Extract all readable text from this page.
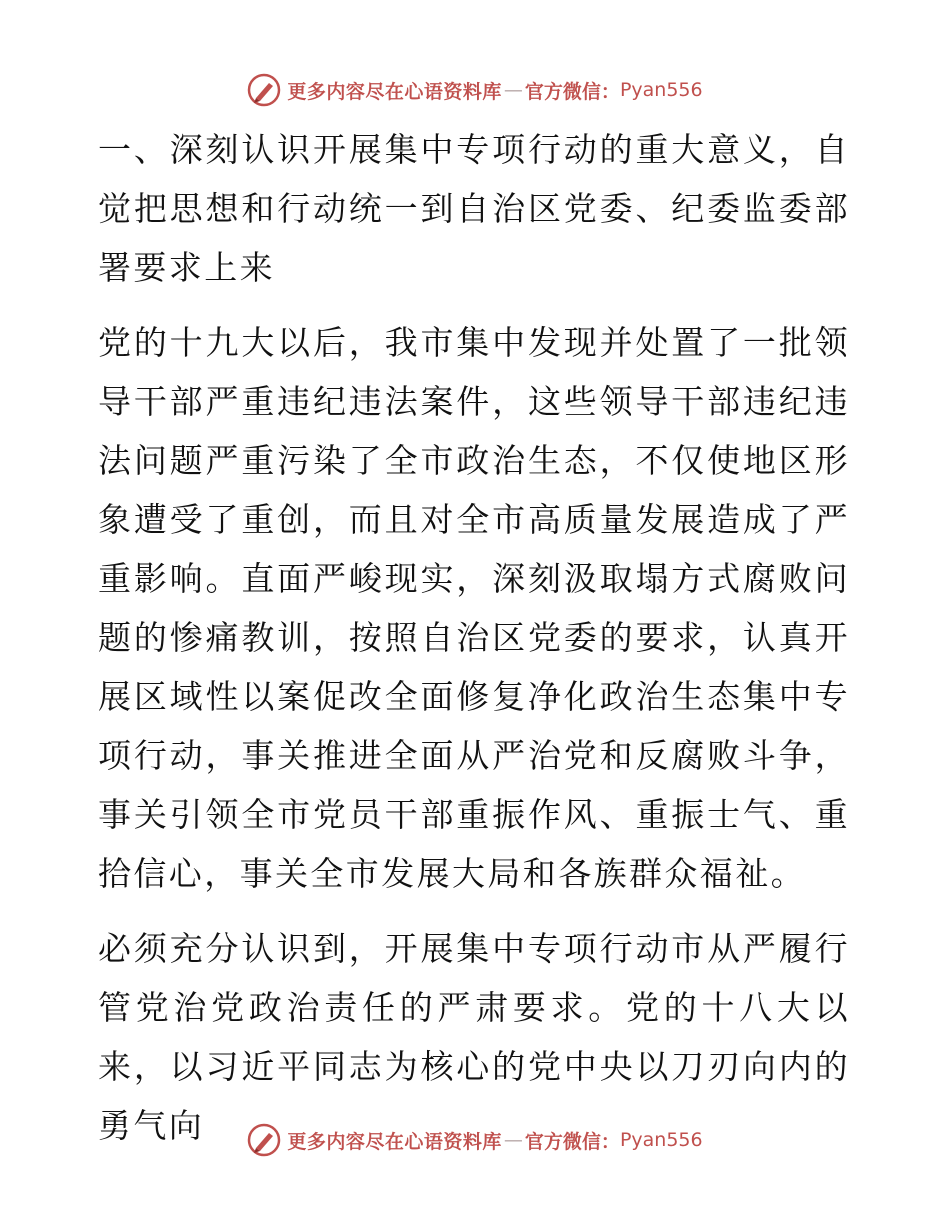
更多内容尽在心语资料库 — 官方微信： Pyan556

一、深刻认识开展集中专项行动的重大意义，自觉把思想和行动统一到自治区党委、纪委监委部署要求上来

党的十九大以后，我市集中发现并处置了一批领导干部严重违纪违法案件，这些领导干部违纪违法问题严重污染了全市政治生态，不仅使地区形象遭受了重创，而且对全市高质量发展造成了严重影响。直面严峻现实，深刻汲取塌方式腐败问题的惨痛教训，按照自治区党委的要求，认真开展区域性以案促改全面修复净化政治生态集中专项行动，事关推进全面从严治党和反腐败斗争，事关引领全市党员干部重振作风、重振士气、重拾信心，事关全市发展大局和各族群众福祉。

必须充分认识到，开展集中专项行动市从严履行管党治党政治责任的严肃要求。党的十八大以来，以习近平同志为核心的党中央以刀刃向内的勇气向	更多内容尽在心语资料库 — 官方微信： Pyan556
